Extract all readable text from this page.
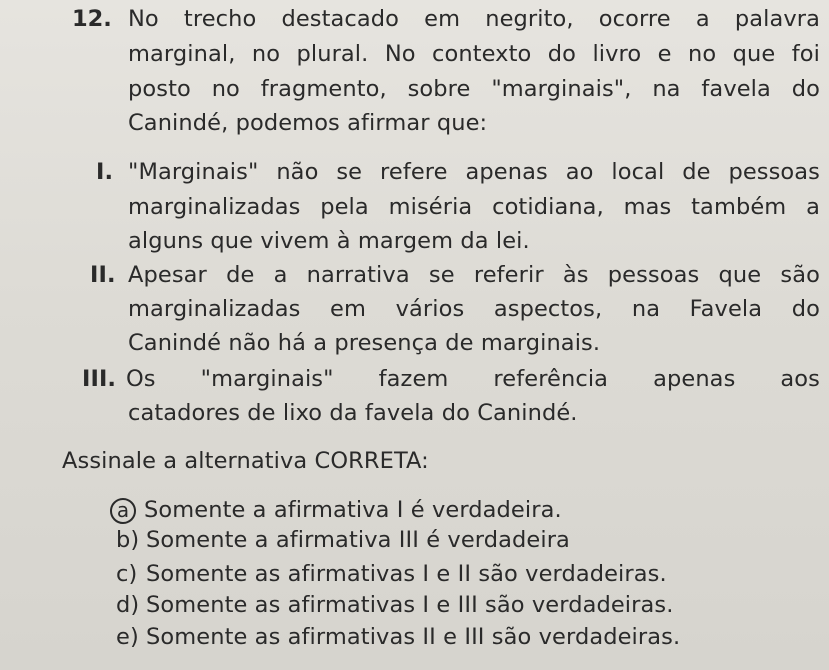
12. No trecho destacado em negrito, ocorre a palavra
marginal, no plural. No contexto do livro e no que foi
posto no fragmento, sobre "marginais", na favela do
Canindé, podemos afirmar que:
I. "Marginais" não se refere apenas ao local de pessoas
marginalizadas pela miséria cotidiana, mas também a
alguns que vivem à margem da lei.
II. Apesar de a narrativa se referir às pessoas que são
marginalizadas em vários aspectos, na Favela do
Canindé não há a presença de marginais.
III. Os "marginais" fazem referência apenas aos
catadores de lixo da favela do Canindé.
Assinale a alternativa CORRETA:
a Somente a afirmativa I é verdadeira.
b) Somente a afirmativa III é verdadeira
c) Somente as afirmativas I e II são verdadeiras.
d) Somente as afirmativas I e III são verdadeiras.
e) Somente as afirmativas II e III são verdadeiras.
